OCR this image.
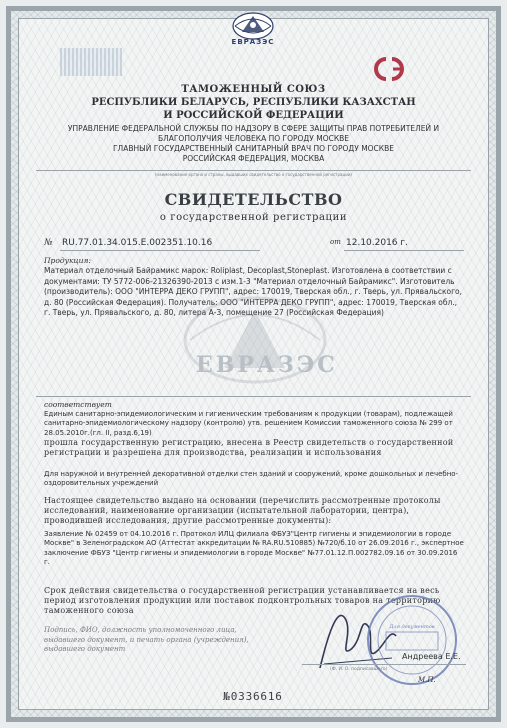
ЕВРАЗЭС
ТАМОЖЕННЫЙ СОЮЗ
РЕСПУБЛИКИ БЕЛАРУСЬ, РЕСПУБЛИКИ КАЗАХСТАН
И РОССИЙСКОЙ ФЕДЕРАЦИИ
УПРАВЛЕНИЕ ФЕДЕРАЛЬНОЙ СЛУЖБЫ ПО НАДЗОРУ В СФЕРЕ ЗАЩИТЫ ПРАВ ПОТРЕБИТЕЛЕЙ И
БЛАГОПОЛУЧИЯ ЧЕЛОВЕКА ПО ГОРОДУ МОСКВЕ
ГЛАВНЫЙ ГОСУДАРСТВЕННЫЙ САНИТАРНЫЙ ВРАЧ ПО ГОРОДУ МОСКВЕ
РОССИЙСКАЯ ФЕДЕРАЦИЯ, МОСКВА
(наименование органа и страны, выдавших свидетельство о государственной регистрации)
СВИДЕТЕЛЬСТВО
о государственной регистрации
№ RU.77.01.34.015.Е.002351.10.16	от 12.10.2016 г.
Продукция:
Материал отделочный Байрамикс марок: Roliplast, Decoplast,Stoneplast. Изготовлена в соответствии с документами: ТУ 5772-006-21326390-2013 с изм.1-3 "Материал отделочный Байрамикс". Изготовитель (производитель): ООО "ИНТЕРРА ДЕКО ГРУПП", адрес: 170019, Тверская обл., г. Тверь, ул. Прявальского, д. 80 (Российская Федерация). Получатель: ООО "ИНТЕРРА ДЕКО ГРУПП", адрес: 170019, Тверская обл., г. Тверь, ул. Прявальского, д. 80, литера А-3, помещение 27 (Российская Федерация)
ЕВРАЗЭС
соответствует
Единым санитарно-эпидемиологическим и гигиеническим требованиям к продукции (товарам), подлежащей санитарно-эпидемиологическому надзору (контролю) утв. решением Комиссии таможенного союза № 299 от 28.05.2010г.(гл. II, разд.6,19)
прошла государственную регистрацию, внесена в Реестр свидетельств о государственной регистрации и разрешена для производства, реализации и использования
Для наружной и внутренней декоративной отделки стен зданий и сооружений, кроме дошкольных и лечебно-оздоровительных учреждений
Настоящее свидетельство выдано на основании (перечислить рассмотренные протоколы исследований, наименование организации (испытательной лаборатории, центра), проводившей исследования, другие рассмотренные документы):
Заявление № 02459 от 04.10.2016 г. Протокол ИЛЦ филиала ФБУЗ"Центр гигиены и эпидемиологии в городе Москве" в Зеленоградском АО (Аттестат аккредитации № RA.RU.510885) №720/б.10 от 26.09.2016 г., экспертное заключение ФБУЗ "Центр гигиены и эпидемиологии в городе Москве" №77.01.12.П.002782.09.16 от 30.09.2016 г.
Срок действия свидетельства о государственной регистрации устанавливается на весь период изготовления продукции или поставок подконтрольных товаров на территорию таможенного союза
Подпись, ФИО, должность уполномоченного лица, выдавшего документ, и печать органа (учреждения), выдавшего документ
Для документов
Андреева Е.Е.
(Ф. И. О. подписавшего)
М.П.
№0336616
